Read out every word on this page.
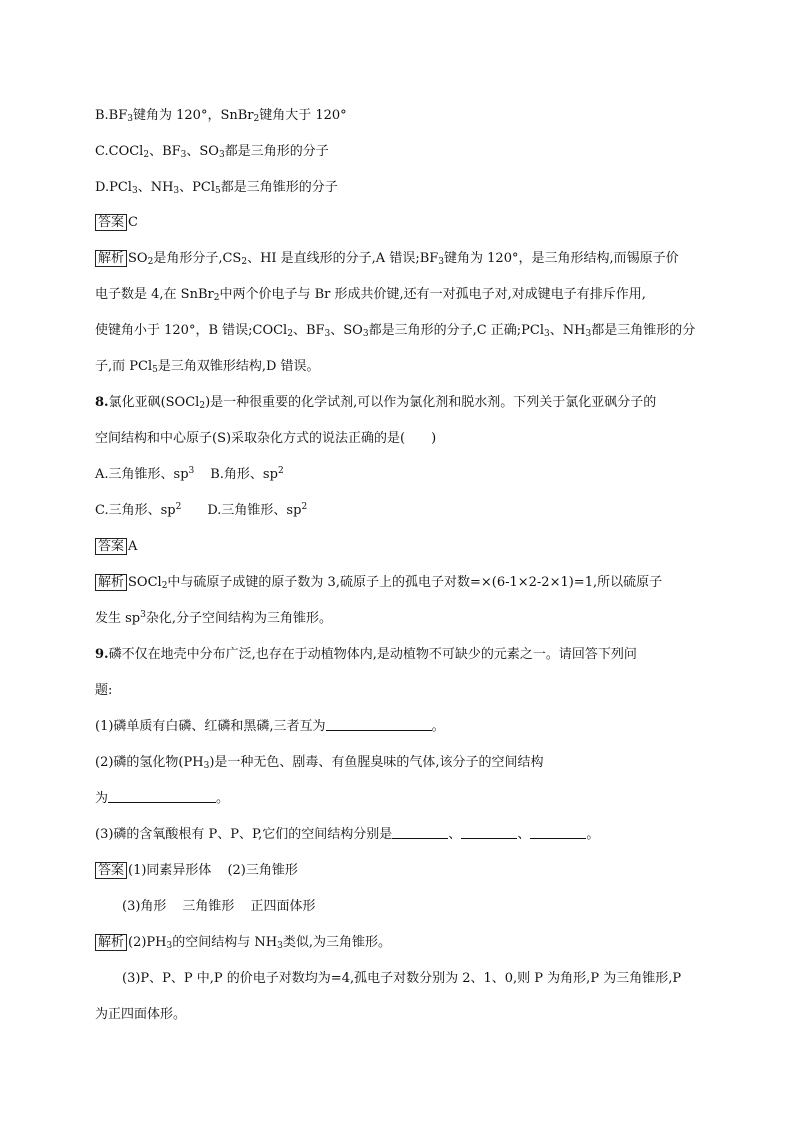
$B.BF_3$键角为 120°，SnBr$_2$键角大于 120°
C.COCl$_2$、$BF_3$、$SO_3$都是三角形的分子
D.PCl$_3$、$NH_3$、PCl$_5$都是三角锥形的分子
答案 C
解析 $SO_2$是角形分子$,CS_2$、HI 是直线形的分子,A 错误$;BF_3$键角为 120°，是三角形结构,而锡原子价
电子数是 4,在 SnBr$_2$中两个价电子与 Br 形成共价键,还有一对孤电子对,对成键电子有排斥作用,
使键角小于 120°，B 错误;COCl$_2$、$BF_3$、$SO_3$都是三角形的分子,C 正确;PCl$_3$、$NH_3$都是三角锥形的分
子,而 PCl$_5$是三角双锥形结构,D 错误。
8.氯化亚砜(SOCl$_2$)是一种很重要的化学试剂,可以作为氯化剂和脱水剂。下列关于氯化亚砜分子的
空间结构和中心原子(S)采取杂化方式的说法正确的是(　　)
A.三角锥形、$sp^3$ B.角形、$sp^2$
C.三角形、$sp^2$ D.三角锥形、$sp^2$
答案 A
解析 SOCl$_2$中与硫原子成键的原子数为 3,硫原子上的孤电子对数=×(6-1×2-2×1)=1,所以硫原子
发生 $sp^3$杂化,分子空间结构为三角锥形。
9.磷不仅在地壳中分布广泛,也存在于动植物体内,是动植物不可缺少的元素之一。请回答下列问
题:
(1)磷单质有白磷、红磷和黑磷,三者互为	。
(2)磷的氢化物$(PH_3)$是一种无色、剧毒、有鱼腥臭味的气体,该分子的空间结构
为	。
(3)磷的含氧酸根有 P、P、P,它们的空间结构分别是	、	、	。
答案 (1)同素异形体 (2)三角锥形
(3)角形 三角锥形 正四面体形
解析 $(2)PH_3$的空间结构与 $NH_3$类似,为三角锥形。
(3)P、P、P 中,P 的价电子对数均为=4,孤电子对数分别为 2、1、0,则 P 为角形,P 为三角锥形,P
为正四面体形。
